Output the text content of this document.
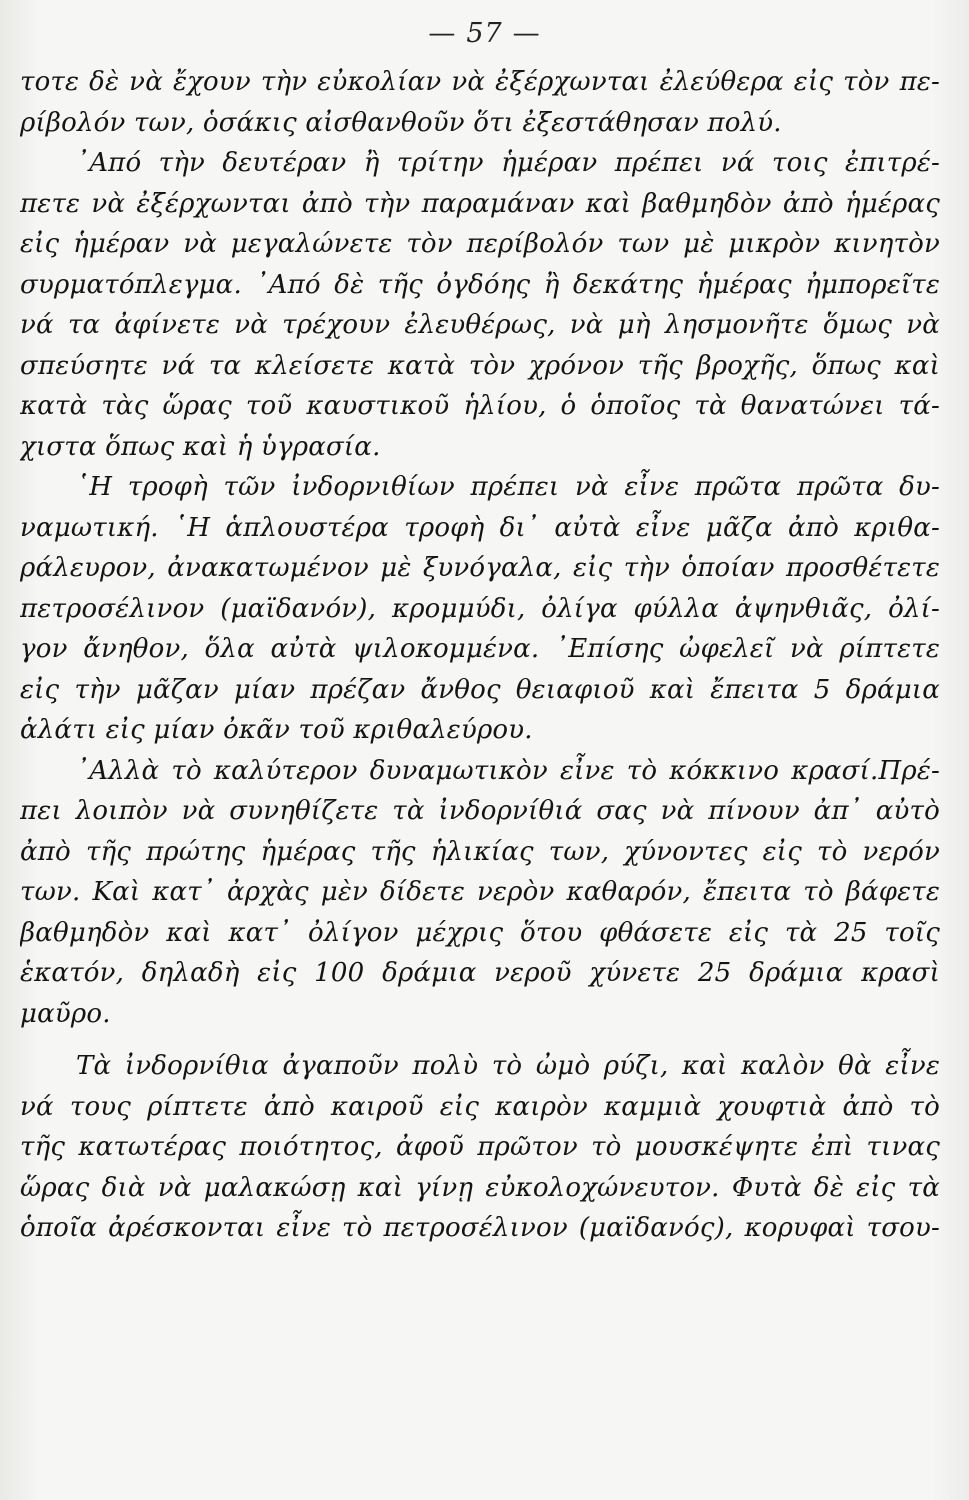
— 57 —
τοτε δὲ νὰ ἔχουν τὴν εὐκολίαν νὰ ἐξέρχωνται ἐλεύθερα εἰς τὸν πε-
ρίβολόν των, ὁσάκις αἰσθανθοῦν ὅτι ἐξεστάθησαν πολύ.
᾽Από τὴν δευτέραν ἢ τρίτην ἡμέραν πρέπει νά τοις ἐπιτρέ-
πετε νὰ ἐξέρχωνται ἀπὸ τὴν παραμάναν καὶ βαθμηδὸν ἀπὸ ἡμέρας
εἰς ἡμέραν νὰ μεγαλώνετε τὸν περίβολόν των μὲ μικρὸν κινητὸν
συρματόπλεγμα. ᾽Από δὲ τῆς ὀγδόης ἢ δεκάτης ἡμέρας ἠμπορεῖτε
νά τα ἀφίνετε νὰ τρέχουν ἐλευθέρως, νὰ μὴ λησμονῆτε ὅμως νὰ
σπεύσητε νά τα κλείσετε κατὰ τὸν χρόνον τῆς βροχῆς, ὅπως καὶ
κατὰ τὰς ὥρας τοῦ καυστικοῦ ἡλίου, ὁ ὁποῖος τὰ θανατώνει τά-
χιστα ὅπως καὶ ἡ ὑγρασία.
῾Η τροφὴ τῶν ἰνδορνιθίων πρέπει νὰ εἶνε πρῶτα πρῶτα δυ-
ναμωτική. ῾Η ἁπλουστέρα τροφὴ δι᾽ αὐτὰ εἶνε μᾶζα ἀπὸ κριθα-
ράλευρον, ἀνακατωμένον μὲ ξυνόγαλα, εἰς τὴν ὁποίαν προσθέτετε
πετροσέλινον (μαϊδανόν), κρομμύδι, ὀλίγα φύλλα ἀψηνθιᾶς, ὀλί-
γον ἄνηθον, ὅλα αὐτὰ ψιλοκομμένα. ᾽Επίσης ὠφελεῖ νὰ ρίπτετε
εἰς τὴν μᾶζαν μίαν πρέζαν ἄνθος θειαφιοῦ καὶ ἔπειτα 5 δράμια
ἁλάτι εἰς μίαν ὀκᾶν τοῦ κριθαλεύρου.
᾽Αλλὰ τὸ καλύτερον δυναμωτικὸν εἶνε τὸ κόκκινο κρασί.Πρέ-
πει λοιπὸν νὰ συνηθίζετε τὰ ἰνδορνίθιά σας νὰ πίνουν ἀπ᾽ αὐτὸ
ἀπὸ τῆς πρώτης ἡμέρας τῆς ἡλικίας των, χύνοντες εἰς τὸ νερόν
των. Καὶ κατ᾽ ἀρχὰς μὲν δίδετε νερὸν καθαρόν, ἔπειτα τὸ βάφετε
βαθμηδὸν καὶ κατ᾽ ὀλίγον μέχρις ὅτου φθάσετε εἰς τὰ 25 τοῖς
ἑκατόν, δηλαδὴ εἰς 100 δράμια νεροῦ χύνετε 25 δράμια κρασὶ
μαῦρο.
Τὰ ἰνδορνίθια ἀγαποῦν πολὺ τὸ ὠμὸ ρύζι, καὶ καλὸν θὰ εἶνε
νά τους ρίπτετε ἀπὸ καιροῦ εἰς καιρὸν καμμιὰ χουφτιὰ ἀπὸ τὸ
τῆς κατωτέρας ποιότητος, ἀφοῦ πρῶτον τὸ μουσκέψητε ἐπὶ τινας
ὥρας διὰ νὰ μαλακώσῃ καὶ γίνῃ εὐκολοχώνευτον. Φυτὰ δὲ εἰς τὰ
ὁποῖα ἀρέσκονται εἶνε τὸ πετροσέλινον (μαϊδανός), κορυφαὶ τσου-
